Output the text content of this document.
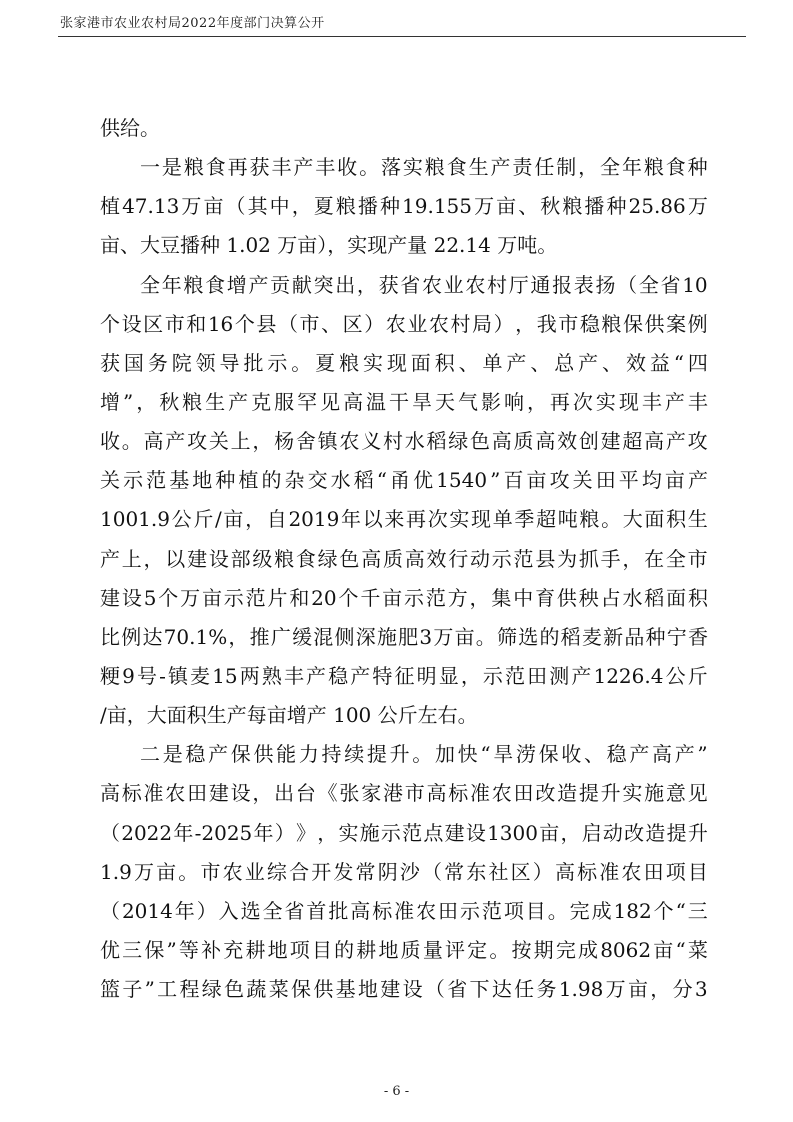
张家港市农业农村局2022年度部门决算公开
供给。
一 是 粮 食 再 获 丰 产 丰 收 。 落 实 粮 食 生 产 责 任 制 ， 全 年 粮 食 种
植 47.13 万 亩 （ 其 中 ， 夏 粮 播 种 19.155 万 亩 、 秋 粮 播 种 25.86 万
亩、大豆播种 1.02 万亩），实现产量 22.14 万吨。
全 年 粮 食 增 产 贡 献 突 出 ， 获 省 农 业 农 村 厅 通 报 表 扬 （ 全 省 10
个 设 区 市 和 16 个 县 （ 市 、 区 ） 农 业 农 村 局 ） ， 我 市 稳 粮 保 供 案 例
获 国 务 院 领 导 批 示 。 夏 粮 实 现 面 积 、 单 产 、 总 产 、 效 益 “ 四
增 ” ， 秋 粮 生 产 克 服 罕 见 高 温 干 旱 天 气 影 响 ， 再 次 实 现 丰 产 丰
收 。 高 产 攻 关 上 ， 杨 舍 镇 农 义 村 水 稻 绿 色 高 质 高 效 创 建 超 高 产 攻
关 示 范 基 地 种 植 的 杂 交 水 稻 “ 甬 优 1540 ” 百 亩 攻 关 田 平 均 亩 产
1001.9 公 斤 / 亩 ， 自 2019 年 以 来 再 次 实 现 单 季 超 吨 粮 。 大 面 积 生
产 上 ， 以 建 设 部 级 粮 食 绿 色 高 质 高 效 行 动 示 范 县 为 抓 手 ， 在 全 市
建 设 5 个 万 亩 示 范 片 和 20 个 千 亩 示 范 方 ， 集 中 育 供 秧 占 水 稻 面 积
比 例 达 70.1% ， 推 广 缓 混 侧 深 施 肥 3 万 亩 。 筛 选 的 稻 麦 新 品 种 宁 香
粳 9 号 - 镇 麦 15 两 熟 丰 产 稳 产 特 征 明 显 ， 示 范 田 测 产 1226.4 公 斤
/亩，大面积生产每亩增产 100 公斤左右。
二 是 稳 产 保 供 能 力 持 续 提 升 。 加 快 “ 旱 涝 保 收 、 稳 产 高 产 ”
高 标 准 农 田 建 设 ， 出 台 《 张 家 港 市 高 标 准 农 田 改 造 提 升 实 施 意 见
（ 2022 年 -2025 年 ） 》 ， 实 施 示 范 点 建 设 1300 亩 ， 启 动 改 造 提 升
1.9 万 亩 。 市 农 业 综 合 开 发 常 阴 沙 （ 常 东 社 区 ） 高 标 准 农 田 项 目
（ 2014 年 ） 入 选 全 省 首 批 高 标 准 农 田 示 范 项 目 。 完 成 182 个 “ 三
优 三 保 ” 等 补 充 耕 地 项 目 的 耕 地 质 量 评 定 。 按 期 完 成 8062 亩 “ 菜
篮 子 ” 工 程 绿 色 蔬 菜 保 供 基 地 建 设 （ 省 下 达 任 务 1.98 万 亩 ， 分 3
- 6 -
